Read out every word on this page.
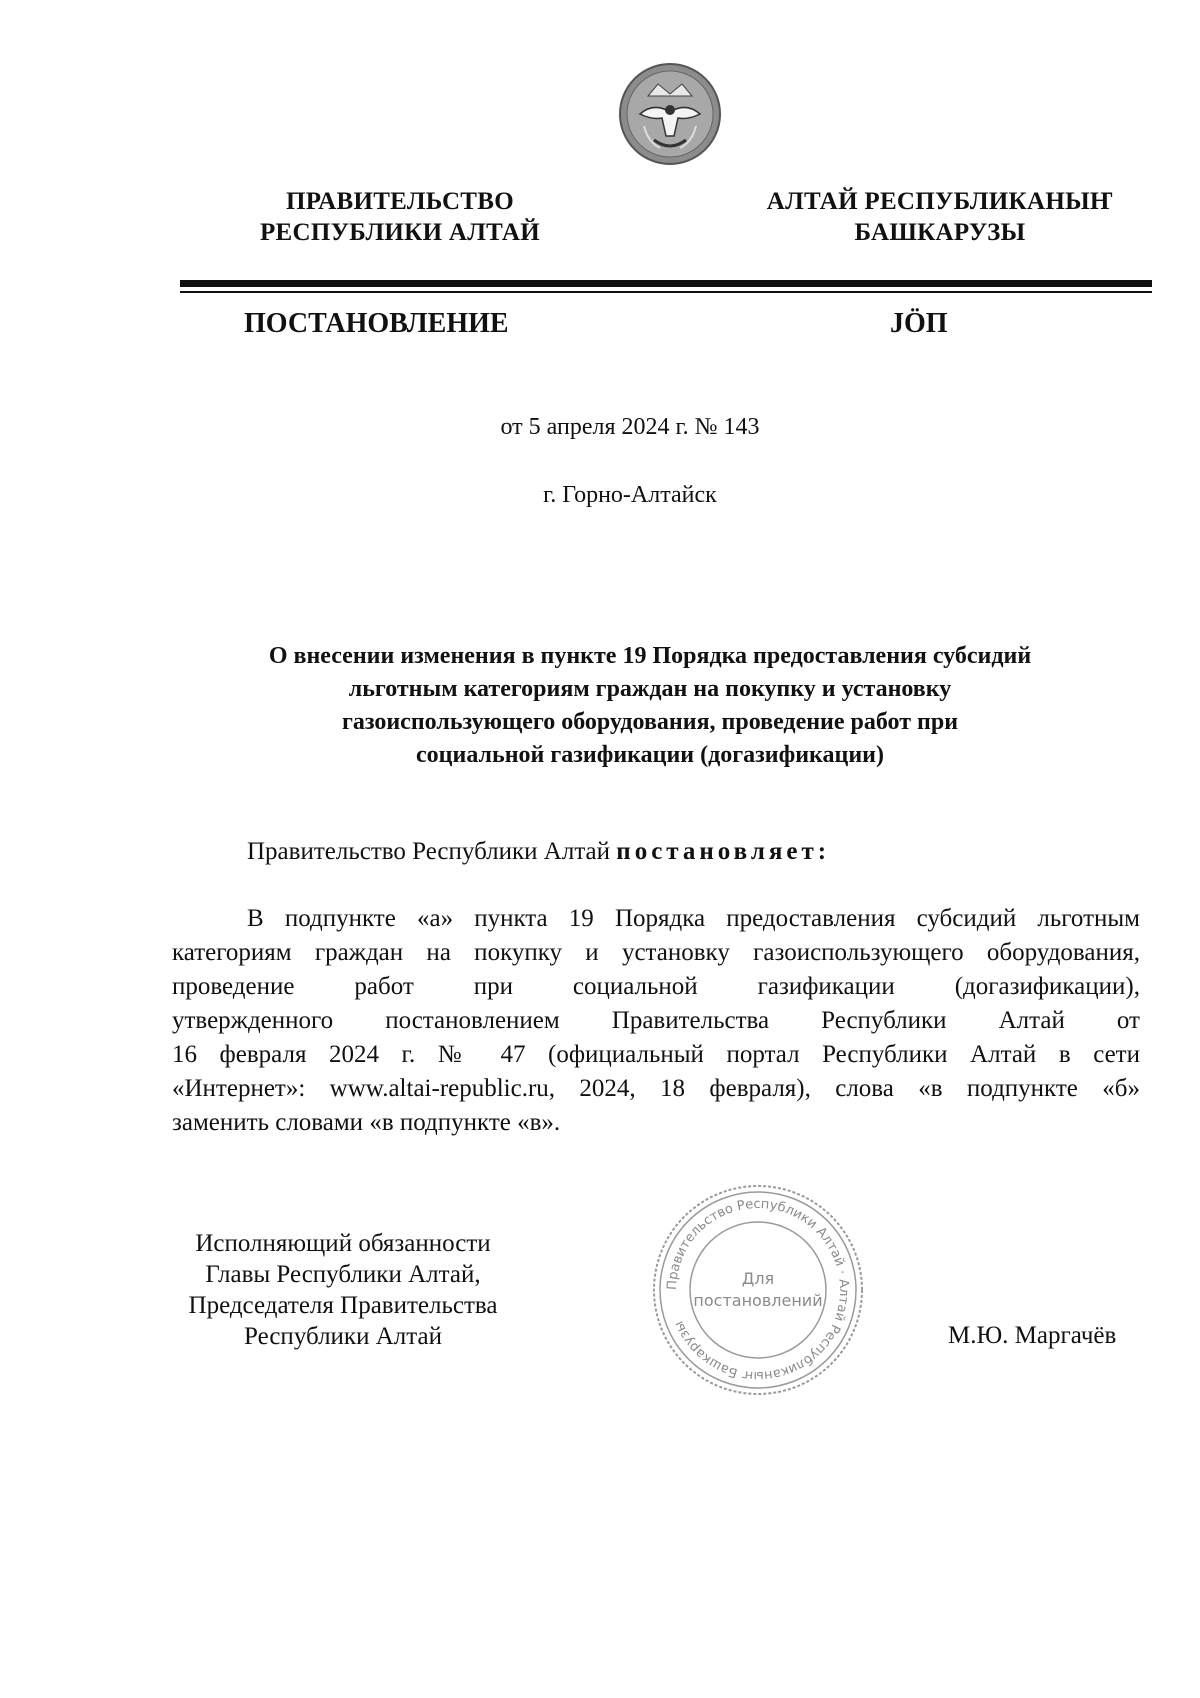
ПРАВИТЕЛЬСТВО
РЕСПУБЛИКИ АЛТАЙ
АЛТАЙ РЕСПУБЛИКАНЫҤ
БАШКАРУЗЫ
ПОСТАНОВЛЕНИЕ	JÖП
от 5 апреля 2024 г. № 143
г. Горно-Алтайск
О внесении изменения в пункте 19 Порядка предоставления субсидий
льготным категориям граждан на покупку и установку
газоиспользующего оборудования, проведение работ при
социальной газификации (догазификации)
Правительство Республики Алтай постановляет:
В подпункте «а» пункта 19 Порядка предоставления субсидий льготным
категориям граждан на покупку и установку газоиспользующего оборудования,
проведение работ при социальной газификации (догазификации),
утвержденного постановлением Правительства Республики Алтай от
16 февраля 2024 г. № 47 (официальный портал Республики Алтай в сети
«Интернет»: www.altai-republic.ru, 2024, 18 февраля), слова «в подпункте «б»
заменить словами «в подпункте «в».
Исполняющий обязанности
Главы Республики Алтай,
Председателя Правительства
Республики Алтай
Правительство Республики Алтай · Алтай Республиканыҥ Башкарузы
Для
постановлений
М.Ю. Маргачёв
